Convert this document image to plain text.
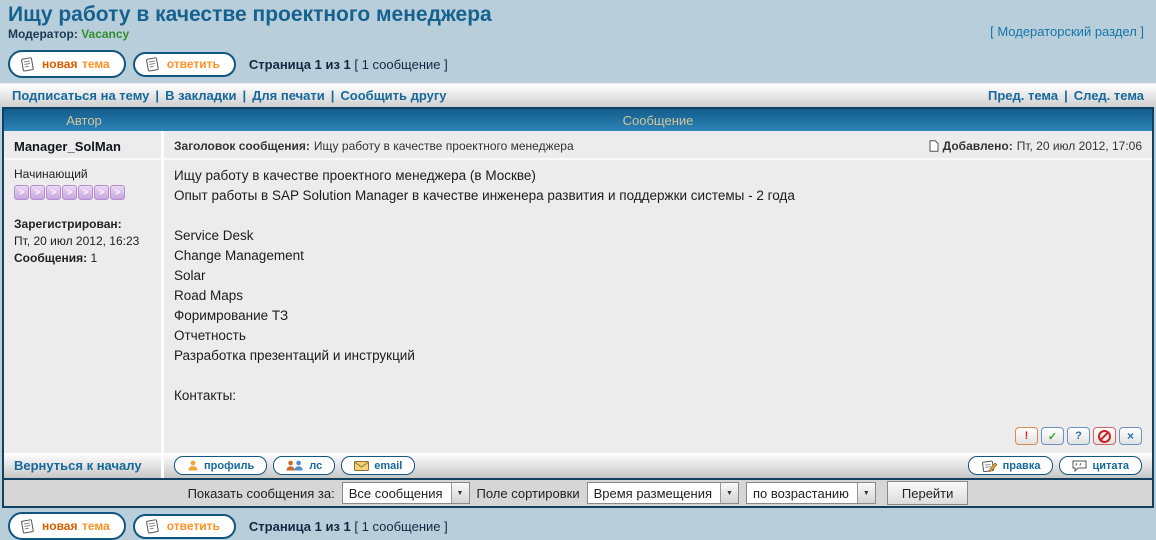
Ищу работу в качестве проектного менеджера
Модератор: Vacancy	[ Модераторский раздел ]
новая тема	ответить Страница 1 из 1 [ 1 сообщение ]
Подписаться на тему | В закладки | Для печати | Сообщить другу	Пред. тема | След. тема
Автор	Сообщение
Manager_SolMan	Заголовок сообщения: Ищу работу в качестве проектного менеджера	Добавлено: Пт, 20 июл 2012, 17:06
Начинающий
>	>	>	>	>	>	>
Зарегистрирован:
Пт, 20 июл 2012, 16:23
Сообщения: 1
Ищу работу в качестве проектного менеджера (в Москве)
Опыт работы в SAP Solution Manager в качестве инженера развития и поддержки системы - 2 года

Service Desk
Change Management
Solar
Road Maps
Форимрование ТЗ
Отчетность
Разработка презентаций и инструкций

Контакты:
!	✓	?	×
Вернуться к началу	профиль	лс	email	правка	цитата
Показать сообщения за:	Все сообщения	▼	Поле сортировки	Время размещения	▼	по возрастанию	▼	Перейти
новая тема	ответить Страница 1 из 1 [ 1 сообщение ]
